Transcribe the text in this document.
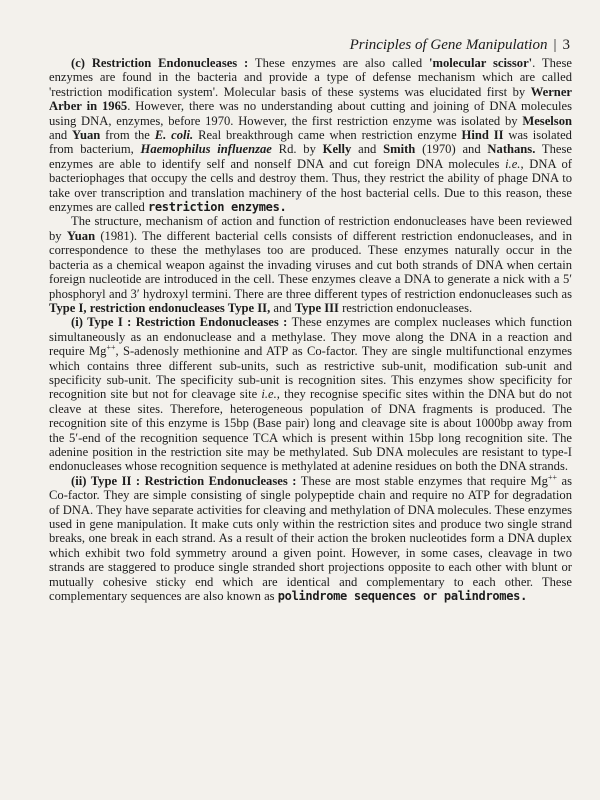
Principles of Gene Manipulation | 3

(c) Restriction Endonucleases : These enzymes are also called 'molecular scissor'. These enzymes are found in the bacteria and provide a type of defense mechanism which are called 'restriction modification system'. Molecular basis of these systems was elucidated first by Werner Arber in 1965. However, there was no understanding about cutting and joining of DNA molecules using DNA, enzymes, before 1970. However, the first restriction enzyme was isolated by Meselson and Yuan from the E. coli. Real breakthrough came when restriction enzyme Hind II was isolated from bacterium, Haemophilus influenzae Rd. by Kelly and Smith (1970) and Nathans. These enzymes are able to identify self and nonself DNA and cut foreign DNA molecules i.e., DNA of bacteriophages that occupy the cells and destroy them. Thus, they restrict the ability of phage DNA to take over transcription and translation machinery of the host bacterial cells. Due to this reason, these enzymes are called restriction enzymes.

The structure, mechanism of action and function of restriction endonucleases have been reviewed by Yuan (1981). The different bacterial cells consists of different restriction endonucleases, and in correspondence to these the methylases too are produced. These enzymes naturally occur in the bacteria as a chemical weapon against the invading viruses and cut both strands of DNA when certain foreign nucleotide are introduced in the cell. These enzymes cleave a DNA to generate a nick with a 5′ phosphoryl and 3′ hydroxyl termini. There are three different types of restriction endonucleases such as Type I, restriction endonucleases Type II, and Type III restriction endonucleases.

(i) Type I : Restriction Endonucleases : These enzymes are complex nucleases which function simultaneously as an endonuclease and a methylase. They move along the DNA in a reaction and require Mg++, S-adenosly methionine and ATP as Co-factor. They are single multifunctional enzymes which contains three different sub-units, such as restrictive sub-unit, modification sub-unit and specificity sub-unit. The specificity sub-unit is recognition sites. This enzymes show specificity for recognition site but not for cleavage site i.e., they recognise specific sites within the DNA but do not cleave at these sites. Therefore, heterogeneous population of DNA fragments is produced. The recognition site of this enzyme is 15bp (Base pair) long and cleavage site is about 1000bp away from the 5′-end of the recognition sequence TCA which is present within 15bp long recognition site. The adenine position in the restriction site may be methylated. Sub DNA molecules are resistant to type-I endonucleases whose recognition sequence is methylated at adenine residues on both the DNA strands.

(ii) Type II : Restriction Endonucleases : These are most stable enzymes that require Mg++ as Co-factor. They are simple consisting of single polypeptide chain and require no ATP for degradation of DNA. They have separate activities for cleaving and methylation of DNA molecules. These enzymes used in gene manipulation. It make cuts only within the restriction sites and produce two single strand breaks, one break in each strand. As a result of their action the broken nucleotides form a DNA duplex which exhibit two fold symmetry around a given point. However, in some cases, cleavage in two strands are staggered to produce single stranded short projections opposite to each other with blunt or mutually cohesive sticky end which are identical and complementary to each other. These complementary sequences are also known as polindrome sequences or palindromes.
